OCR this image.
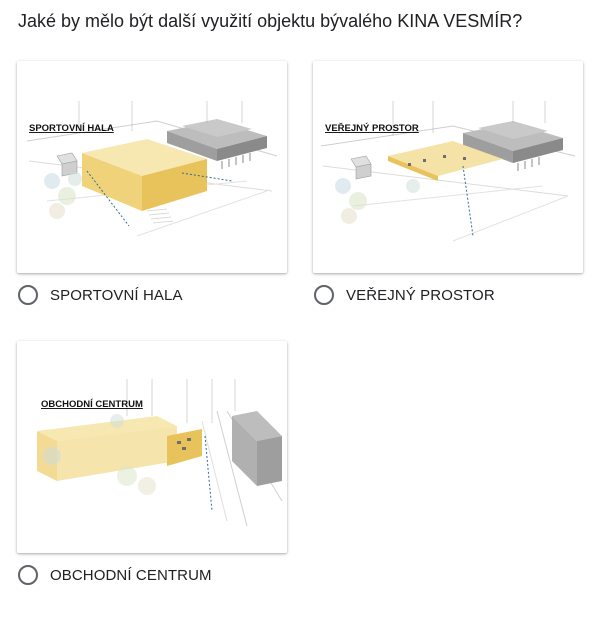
Jaké by mělo být další využití objektu bývalého KINA VESMÍR?
SPORTOVNÍ HALA
SPORTOVNÍ HALA
VEŘEJNÝ PROSTOR
VEŘEJNÝ PROSTOR
OBCHODNÍ CENTRUM
OBCHODNÍ CENTRUM
